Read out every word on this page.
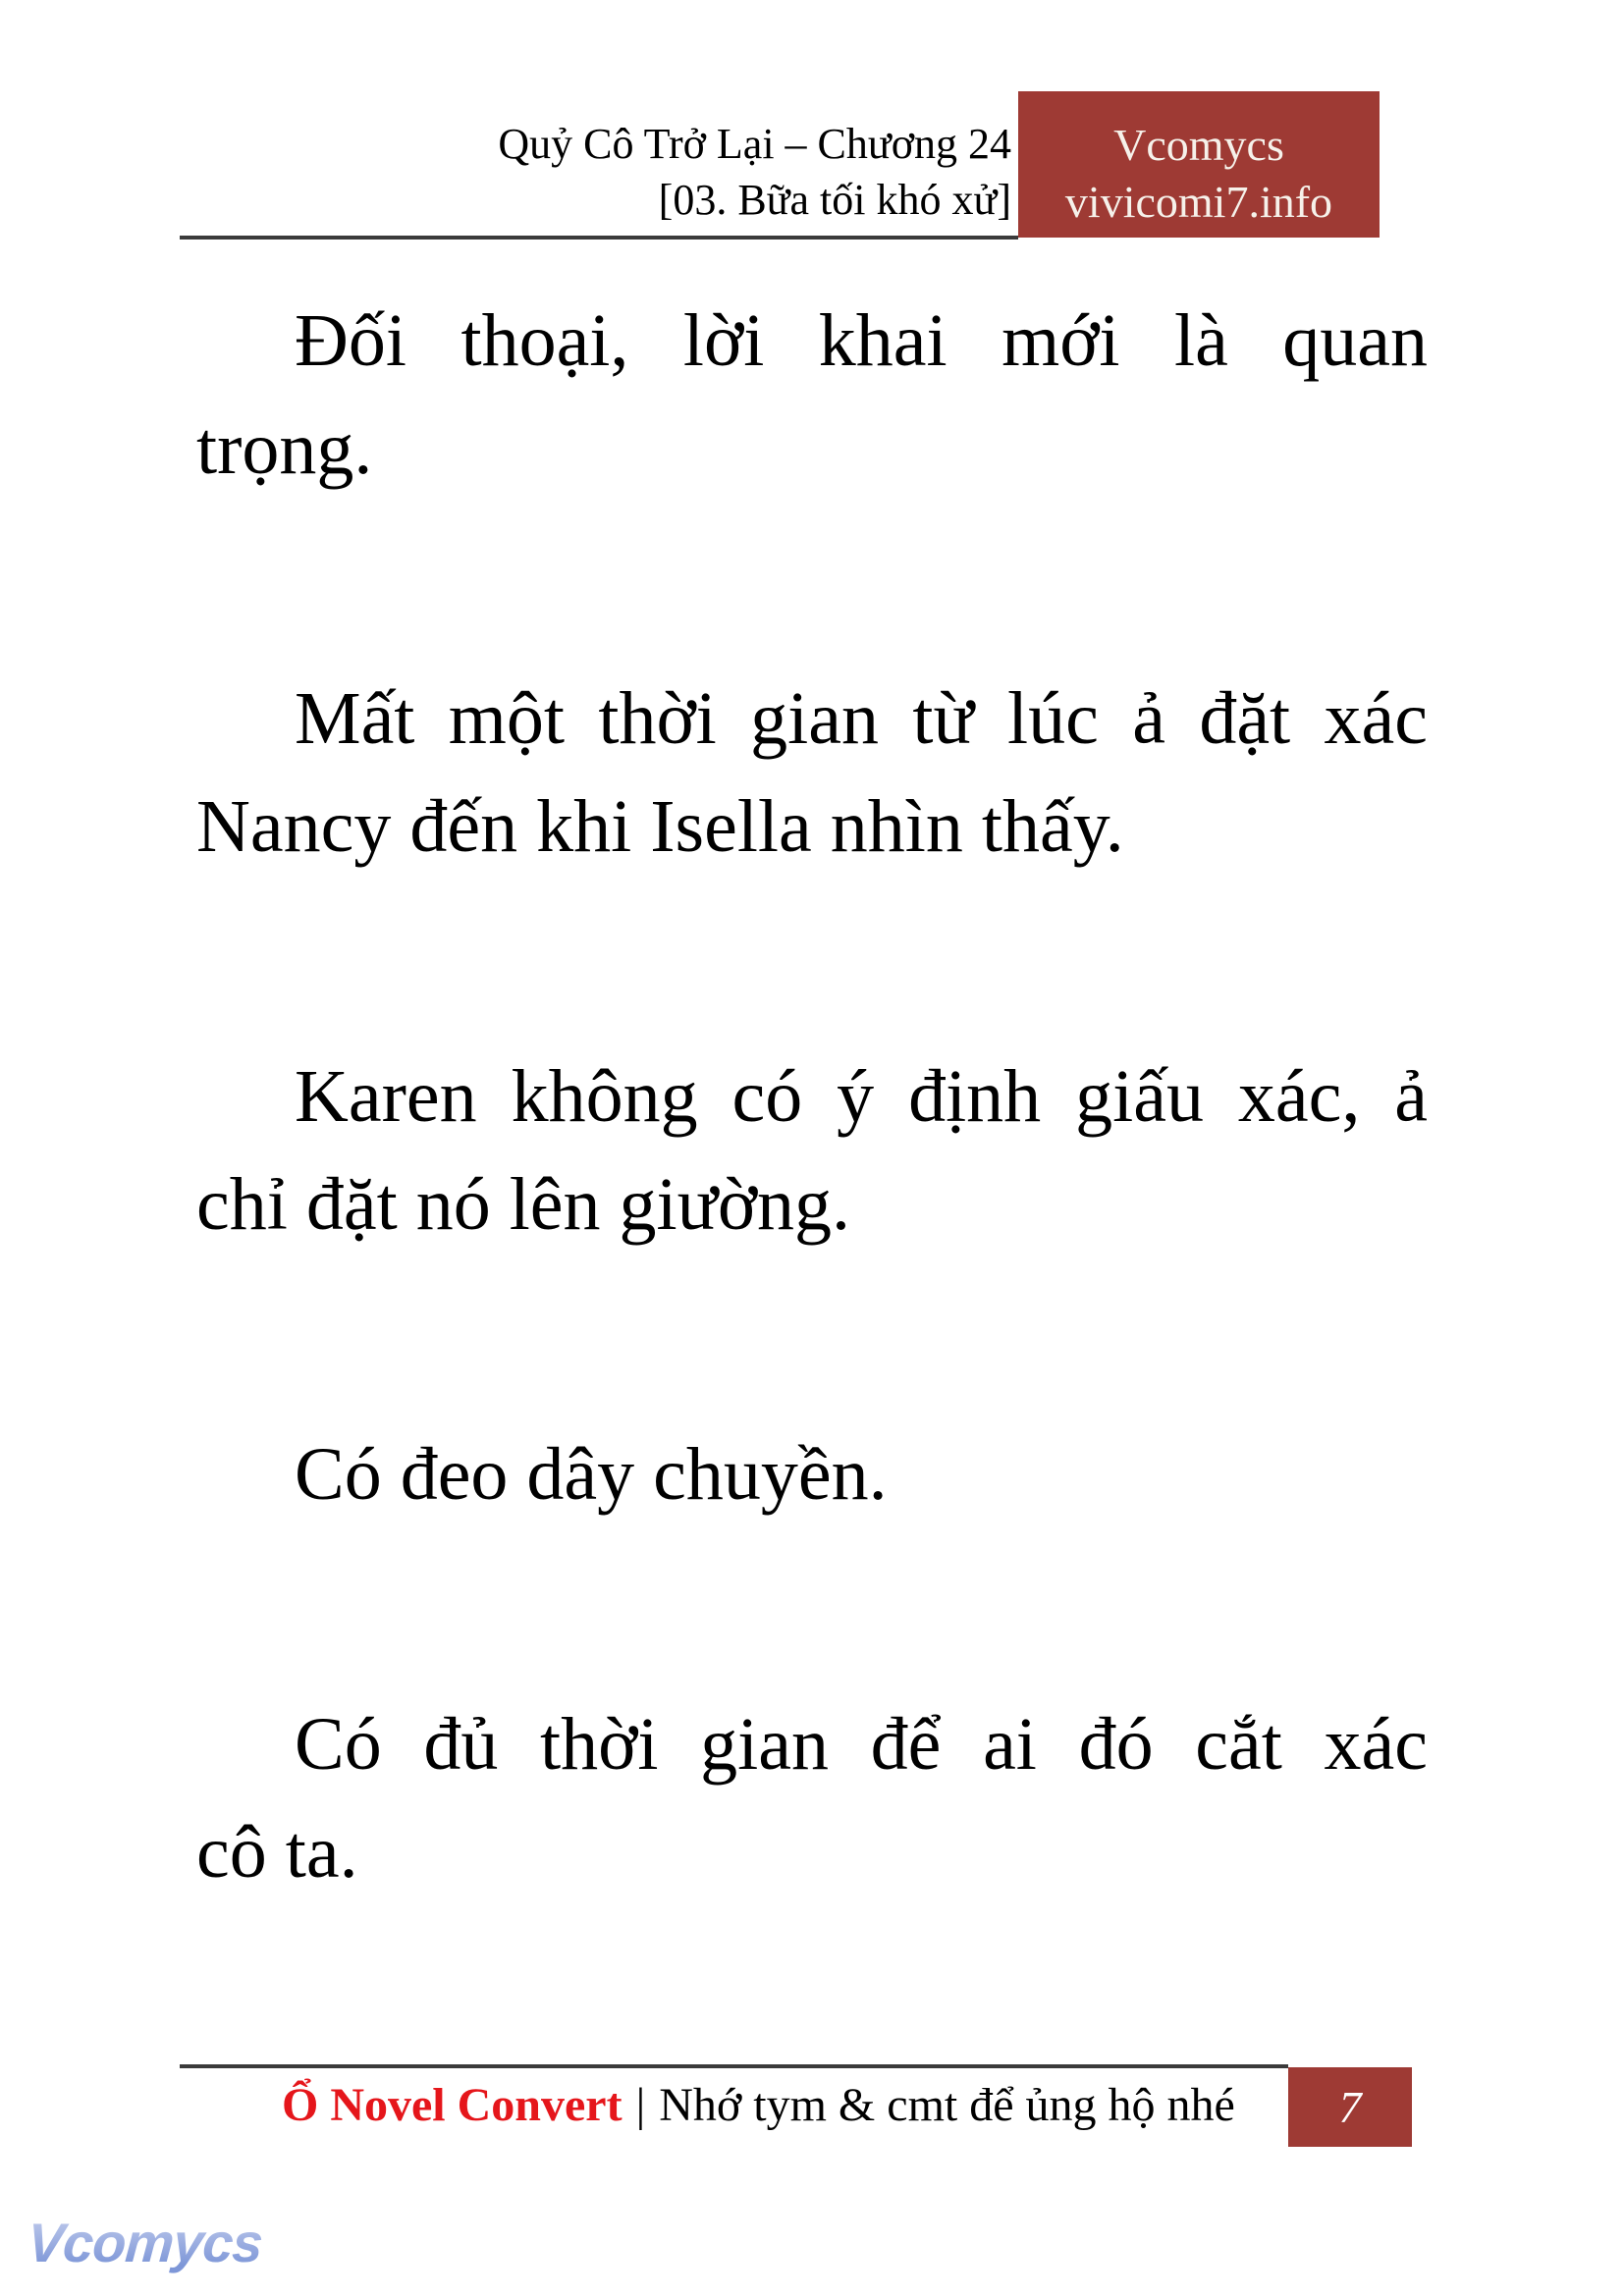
Quỷ Cô Trở Lại – Chương 24
[03. Bữa tối khó xử]
Vcomycs
vivicomi7.info
Đối thoại, lời khai mới là quan
trọng.
Mất một thời gian từ lúc ả đặt xác
Nancy đến khi Isella nhìn thấy.
Karen không có ý định giấu xác, ả
chỉ đặt nó lên giường.
Có đeo dây chuyền.
Có đủ thời gian để ai đó cắt xác
cô ta.
Ổ Novel Convert | Nhớ tym & cmt để ủng hộ nhé 7
Vcomycs
